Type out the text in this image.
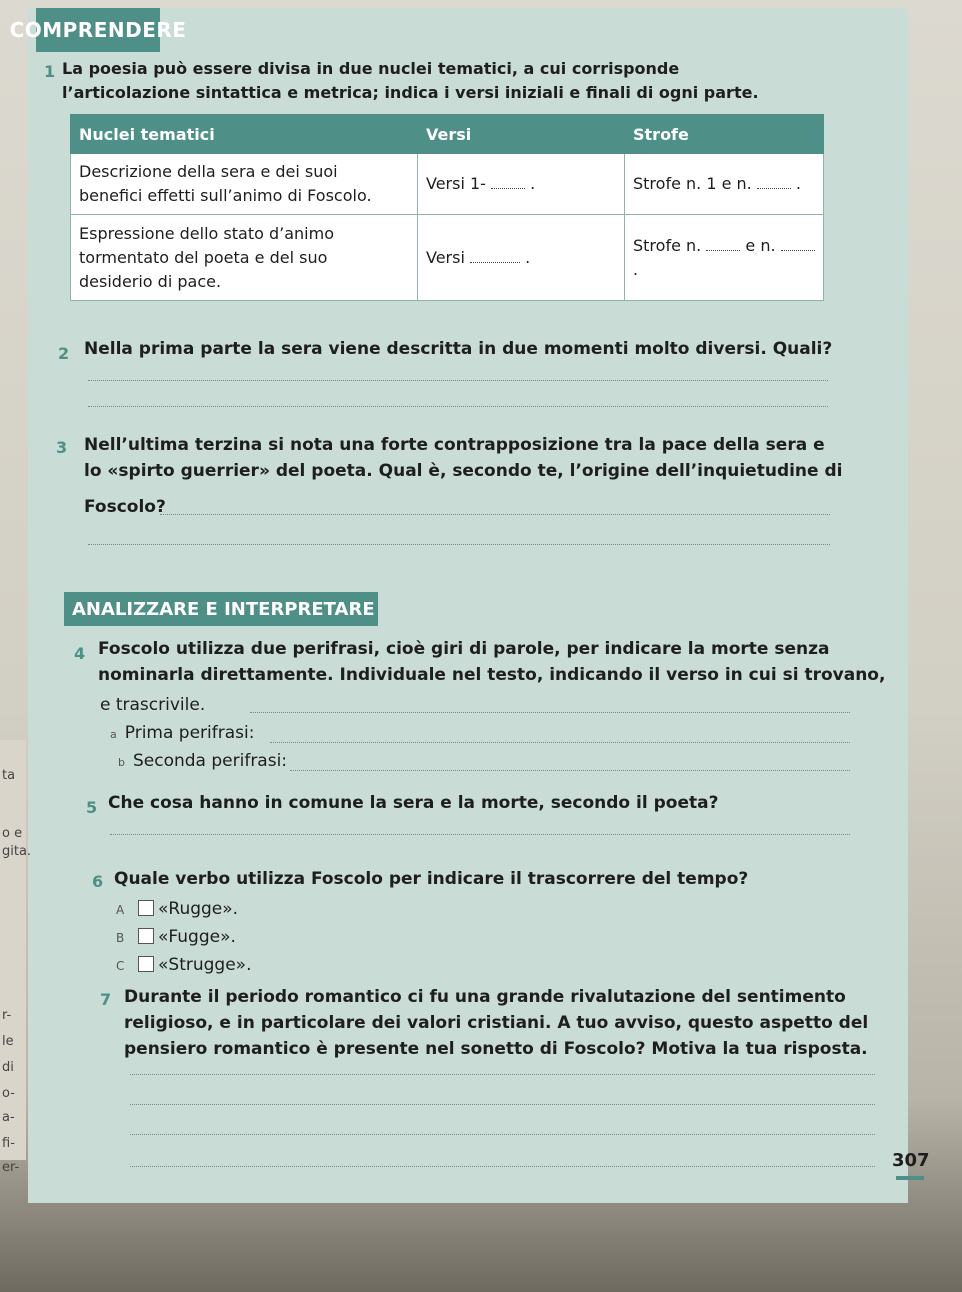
ta
o e
gita.
r-
le
di
o-
a-
fi-
er-
COMPRENDERE
1 La poesia può essere divisa in due nuclei tematici, a cui corrisponde
l’articolazione sintattica e metrica; indica i versi iniziali e finali di ogni parte.
Nuclei tematici	Versi	Strofe

Descrizione della sera e dei suoi
benefici effetti sull’animo di Foscolo.	Versi 1-  .	Strofe n. 1 e n.  .

Espressione dello stato d’animo
tormentato del poeta e del suo
desiderio di pace.	Versi .	Strofe n. e n.  .
2 Nella prima parte la sera viene descritta in due momenti molto diversi. Quali?
3 Nell’ultima terzina si nota una forte contrapposizione tra la pace della sera e
lo «spirto guerrier» del poeta. Qual è, secondo te, l’origine dell’inquietudine di
Foscolo?
ANALIZZARE E INTERPRETARE
4 Foscolo utilizza due perifrasi, cioè giri di parole, per indicare la morte senza
nominarla direttamente. Individuale nel testo, indicando il verso in cui si trovano,
e trascrivile.
a Prima perifrasi:
b Seconda perifrasi:
5 Che cosa hanno in comune la sera e la morte, secondo il poeta?
6 Quale verbo utilizza Foscolo per indicare il trascorrere del tempo?
A «Rugge».
B «Fugge».
C «Strugge».
7 Durante il periodo romantico ci fu una grande rivalutazione del sentimento
religioso, e in particolare dei valori cristiani. A tuo avviso, questo aspetto del
pensiero romantico è presente nel sonetto di Foscolo? Motiva la tua risposta.
307
